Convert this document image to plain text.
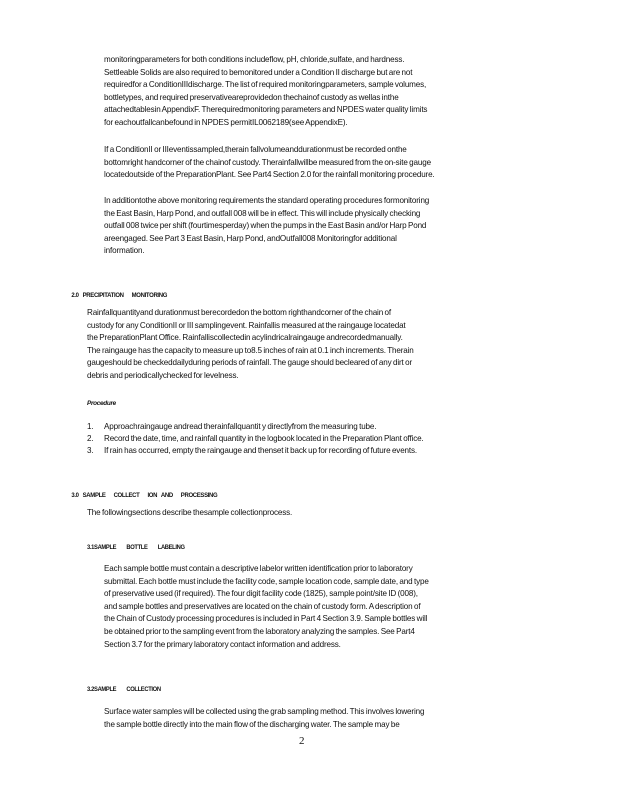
monitoringparameters for both conditions includeflow, pH, chloride,sulfate, and hardness.
Settleable Solids are also required to bemonitored under a Condition II discharge but are not
requiredfor a ConditionIIIdischarge. The list of required monitoringparameters, sample volumes,
bottletypes, and required preservativeareprovidedon thechainof custody as wellas inthe
attachedtablesin AppendixF. Therequiredmonitoring parameters and NPDES water quality limits
for eachoutfallcanbefound in NPDES permitIL0062189(see AppendixE).
If a ConditionII or IIIeventissampled,therain fallvolumeanddurationmust be recorded onthe
bottomright handcorner of the chainof custody. Therainfallwillbe measured from the on-site gauge
locatedoutside of the PreparationPlant. See Part4 Section 2.0 for the rainfall monitoring procedure.
In additiontothe above monitoring requirements the standard operating procedures formonitoring
the East Basin, Harp Pond, and outfall 008 will be in effect. This will include physically checking
outfall 008 twice per shift (fourtimesperday) when the pumps in the East Basin and/or Harp Pond
areengaged. See Part 3 East Basin, Harp Pond, andOutfall008 Monitoringfor additional
information.

2.0 PRECIPITATION      MONITORING

Rainfallquantityand durationmust berecordedon the bottom righthandcorner of the chain of
custody for any ConditionII or III samplingevent. Rainfallis measured at the raingauge locatedat
the PreparationPlant Office. Rainfalliscollectedin acylindricalraingauge andrecordedmanually.
The raingauge has the capacity to measure up to8.5 inches of rain at 0.1 inch increments. Therain
gaugeshould be checkeddailyduring periods of rainfall. The gauge should becleared of any dirt or
debris and periodicallychecked for levelness.
Procedure
1. Approachraingauge andread therainfallquantit y directlyfrom the measuring tube.
2. Record the date, time, and rainfall quantity in the logbook located in the Preparation Plant office.
3. If rain has occurred, empty the raingauge and thenset it back up for recording of future events.

3.0 SAMPLE      COLLECT      ION   AND      PROCESSING

The followingsections describe thesample collectionprocess.
3.1SAMPLE        BOTTLE        LABELING
Each sample bottle must contain a descriptive labelor written identification prior to laboratory
submittal. Each bottle must include the facility code, sample location code, sample date, and type
of preservative used (if required). The four digit facility code (1825), sample point/site ID (008),
and sample bottles and preservatives are located on the chain of custody form. A description of
the Chain of Custody processing procedures is included in Part 4 Section 3.9. Sample bottles will
be obtained prior to the sampling event from the laboratory analyzing the samples. See Part4
Section 3.7 for the primary laboratory contact information and address.
3.2SAMPLE        COLLECTION
Surface water samples will be collected using the grab sampling method. This involves lowering
the sample bottle directly into the main flow of the discharging water. The sample may be
2
